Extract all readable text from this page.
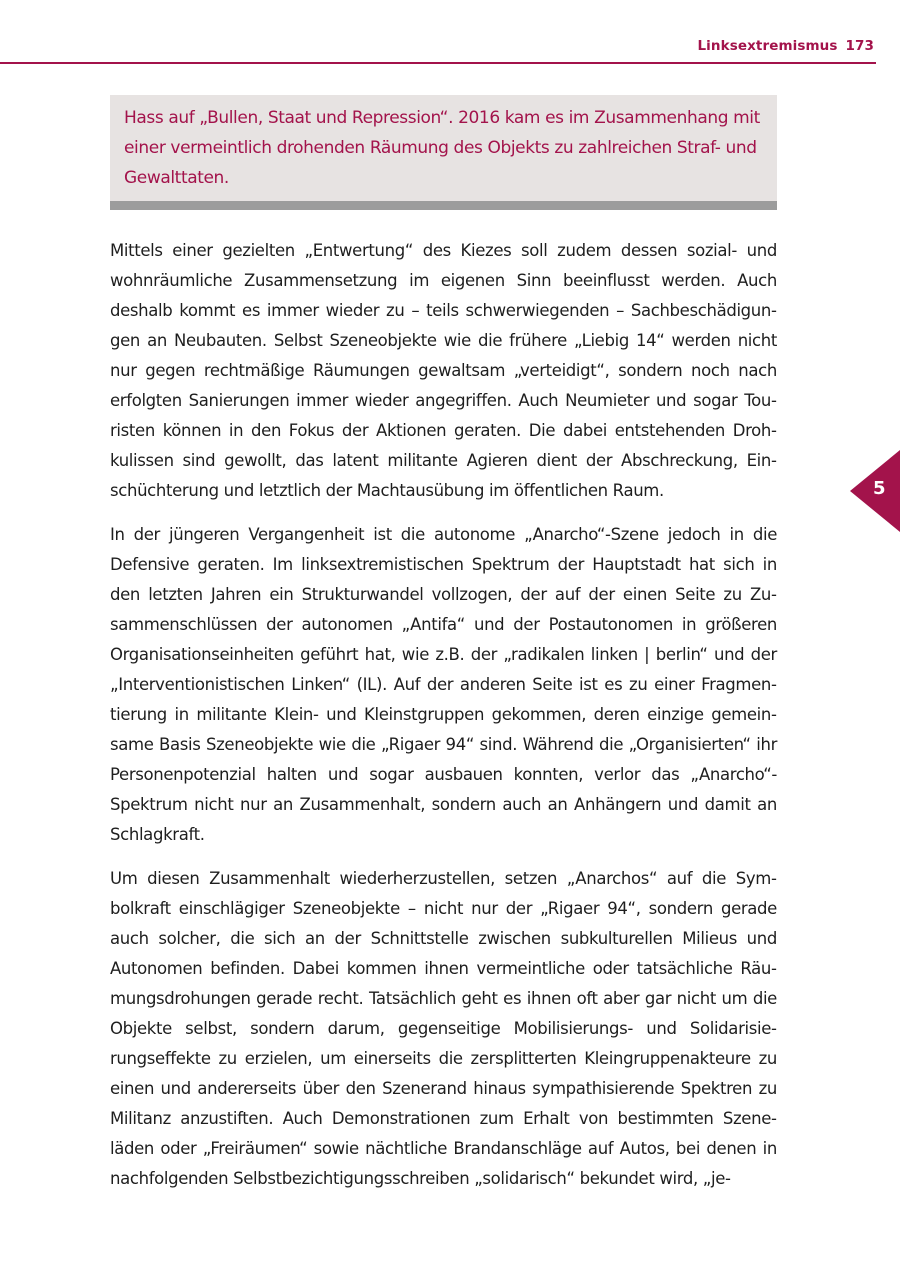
Linksextremismus 173

Hass auf „Bullen, Staat und Repression“. 2016 kam es im Zusammenhang mit einer vermeintlich drohenden Räumung des Objekts zu zahlreichen Straf- und Gewalttaten.

Mittels einer gezielten „Entwertung“ des Kiezes soll zudem dessen sozial- und wohnräumliche Zusammensetzung im eigenen Sinn beeinflusst werden. Auch deshalb kommt es immer wieder zu – teils schwerwiegenden – Sachbeschädigungen an Neubauten. Selbst Szeneobjekte wie die frühere „Liebig 14“ werden nicht nur gegen rechtmäßige Räumungen gewaltsam „verteidigt“, sondern noch nach erfolgten Sanierungen immer wieder angegriffen. Auch Neumieter und sogar Touristen können in den Fokus der Aktionen geraten. Die dabei entstehenden Drohkulissen sind gewollt, das latent militante Agieren dient der Abschreckung, Einschüchterung und letztlich der Machtausübung im öffentlichen Raum.

In der jüngeren Vergangenheit ist die autonome „Anarcho“-Szene jedoch in die Defensive geraten. Im linksextremistischen Spektrum der Hauptstadt hat sich in den letzten Jahren ein Strukturwandel vollzogen, der auf der einen Seite zu Zusammenschlüssen der autonomen „Antifa“ und der Postautonomen in größeren Organisationseinheiten geführt hat, wie z.B. der „radikalen linken | berlin“ und der „Interventionistischen Linken“ (IL). Auf der anderen Seite ist es zu einer Fragmentierung in militante Klein- und Kleinstgruppen gekommen, deren einzige gemeinsame Basis Szeneobjekte wie die „Rigaer 94“ sind. Während die „Organisierten“ ihr Personenpotenzial halten und sogar ausbauen konnten, verlor das „Anarcho“-Spektrum nicht nur an Zusammenhalt, sondern auch an Anhängern und damit an Schlagkraft.

Um diesen Zusammenhalt wiederherzustellen, setzen „Anarchos“ auf die Symbolkraft einschlägiger Szeneobjekte – nicht nur der „Rigaer 94“, sondern gerade auch solcher, die sich an der Schnittstelle zwischen subkulturellen Milieus und Autonomen befinden. Dabei kommen ihnen vermeintliche oder tatsächliche Räumungsdrohungen gerade recht. Tatsächlich geht es ihnen oft aber gar nicht um die Objekte selbst, sondern darum, gegenseitige Mobilisierungs- und Solidarisierungseffekte zu erzielen, um einerseits die zersplitterten Kleingruppenakteure zu einen und andererseits über den Szenerand hinaus sympathisierende Spektren zu Militanz anzustiften. Auch Demonstrationen zum Erhalt von bestimmten Szeneläden oder „Freiräumen“ sowie nächtliche Brandanschläge auf Autos, bei denen in nachfolgenden Selbstbezichtigungsschreiben „solidarisch“ bekundet wird, „je-

5
